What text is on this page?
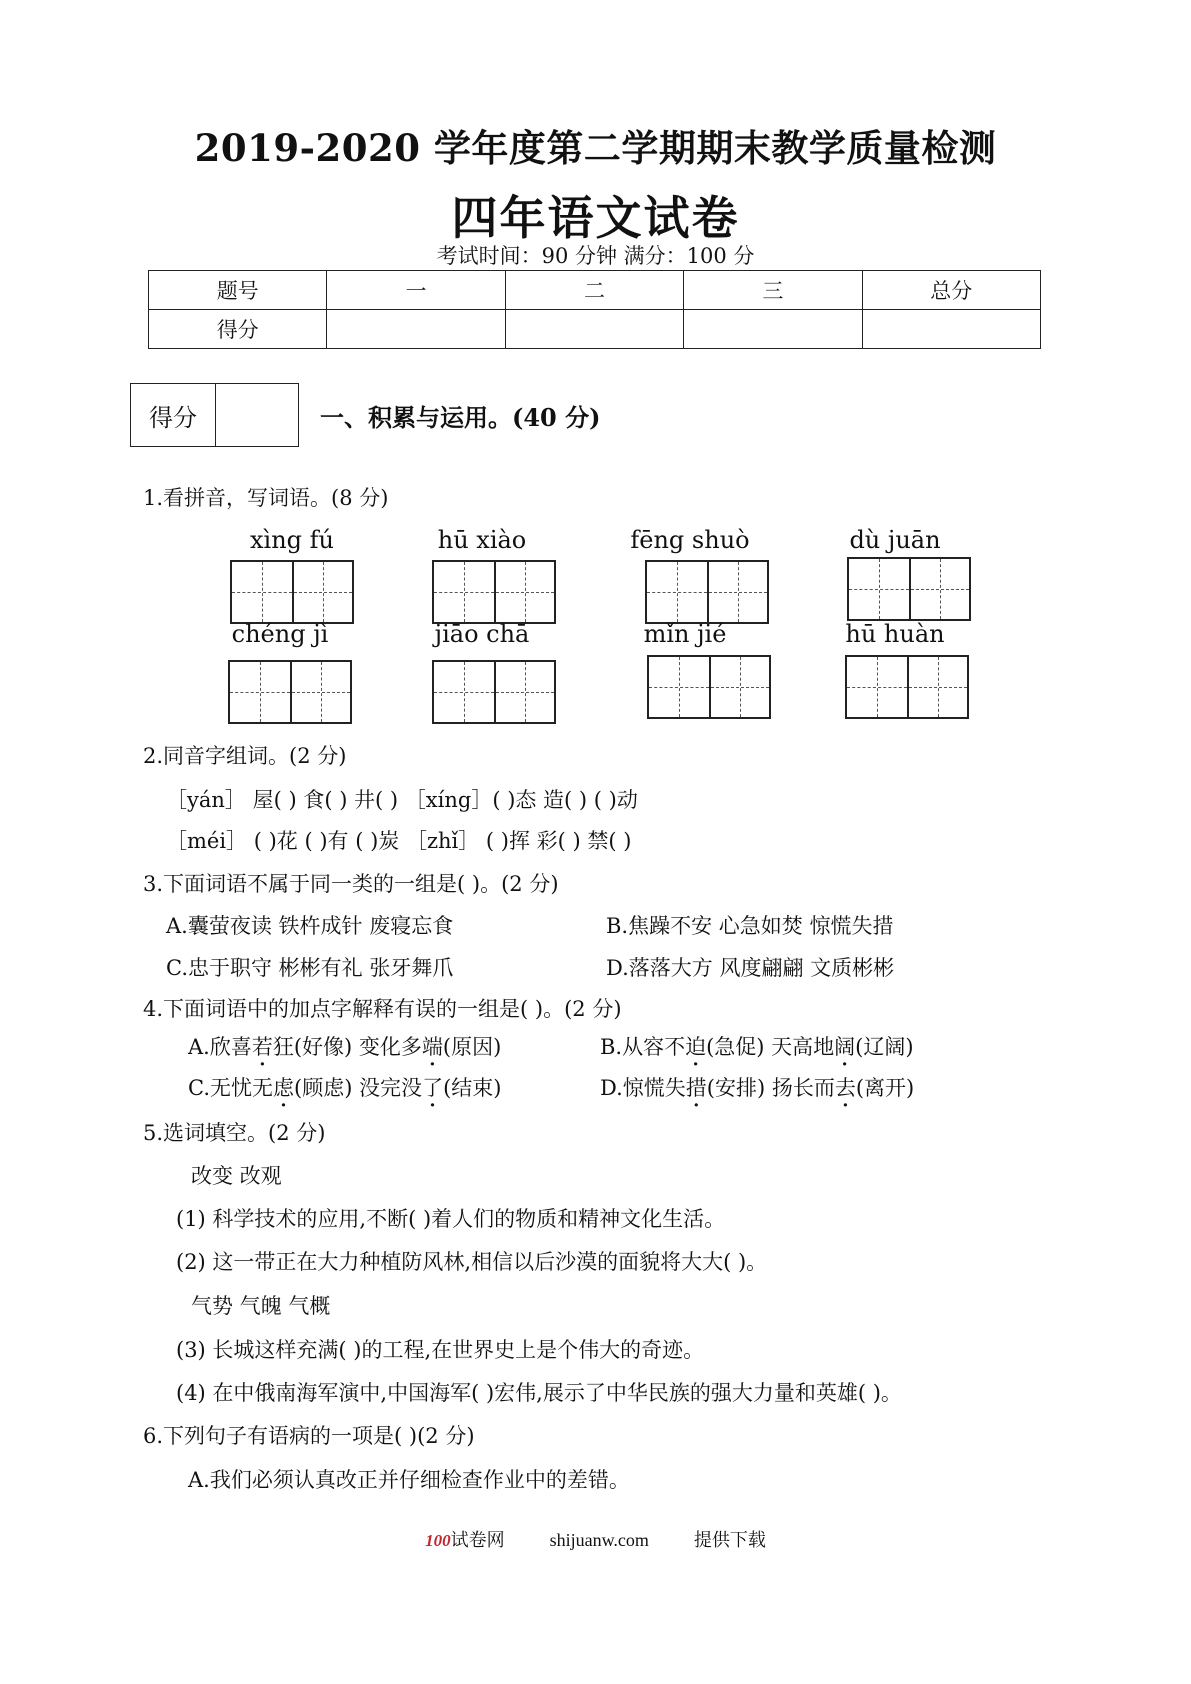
2019-2020 学年度第二学期期末教学质量检测
四年语文试卷
考试时间：90 分钟 满分：100 分
题号	一	二	三	总分
得分				
得分	一、积累与运用。(40 分)
1.看拼音，写词语。(8 分)
xìng fú	hū xiào	fēng shuò	dù juān
chéng jì	jiāo chā	mǐn jié	hū huàn
2.同音字组词。(2 分)
［yán］ 屋( ) 食( ) 井( ) ［xíng］( )态 造( ) ( )动
［méi］ ( )花 ( )有 ( )炭 ［zhǐ］ ( )挥 彩( ) 禁( )
3.下面词语不属于同一类的一组是( )。(2 分)
A.囊萤夜读 铁杵成针 废寝忘食	B.焦躁不安 心急如焚 惊慌失措
C.忠于职守 彬彬有礼 张牙舞爪	D.落落大方 风度翩翩 文质彬彬
4.下面词语中的加点字解释有误的一组是( )。(2 分)
A.欣喜 若 · 狂(好像) 变化多 端 · (原因)	B.从容不 迫 · (急促) 天高地 阔 · (辽阔)
C.无忧无 虑 · (顾虑) 没完没 了 · (结束)	D.惊慌失 措 · (安排) 扬长而 去 · (离开)
5.选词填空。(2 分)
改变 改观
(1) 科学技术的应用,不断( )着人们的物质和精神文化生活。
(2) 这一带正在大力种植防风林,相信以后沙漠的面貌将大大( )。
气势 气魄 气概
(3) 长城这样充满( )的工程,在世界史上是个伟大的奇迹。
(4) 在中俄南海军演中,中国海军( )宏伟,展示了中华民族的强大力量和英雄( )。
6.下列句子有语病的一项是( )(2 分)
A.我们必须认真改正并仔细检查作业中的差错。
100试卷网	shijuanw.com	提供下载
